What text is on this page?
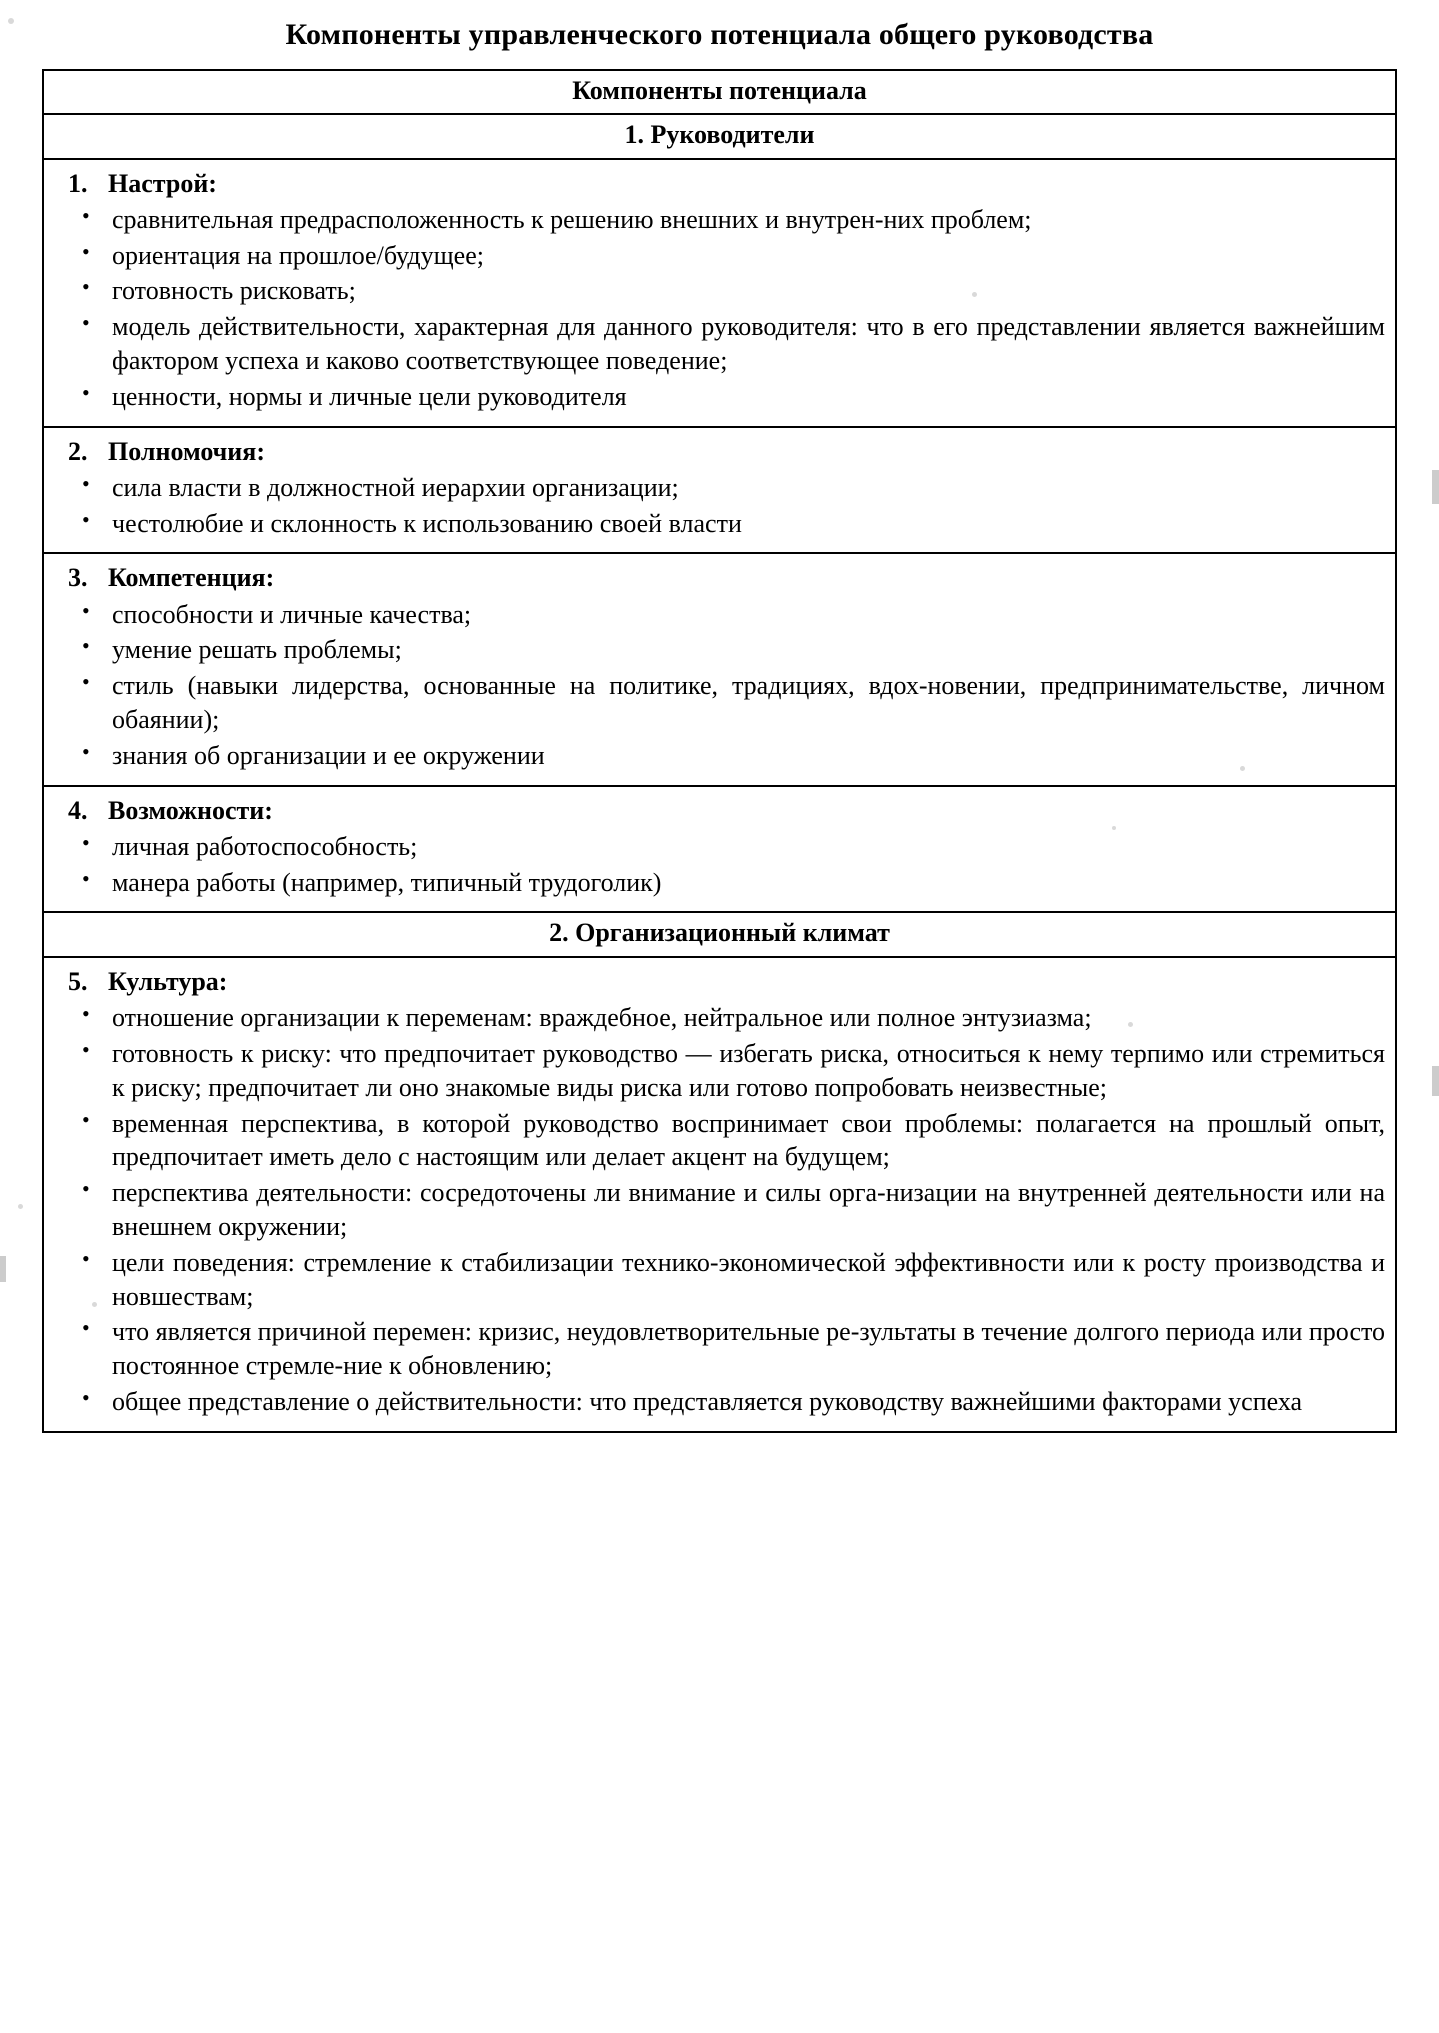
Компоненты управленческого потенциала общего руководства
Компоненты потенциала

1. Руководители

1. Настрой:
• сравнительная предрасположенность к решению внешних и внутрен-них проблем;
• ориентация на прошлое/будущее;
• готовность рисковать;
• модель действительности, характерная для данного руководителя: что в его представлении является важнейшим фактором успеха и каково соответствующее поведение;
• ценности, нормы и личные цели руководителя

2. Полномочия:
• сила власти в должностной иерархии организации;
• честолюбие и склонность к использованию своей власти

3. Компетенция:
• способности и личные качества;
• умение решать проблемы;
• стиль (навыки лидерства, основанные на политике, традициях, вдох-новении, предпринимательстве, личном обаянии);
• знания об организации и ее окружении

4. Возможности:
• личная работоспособность;
• манера работы (например, типичный трудоголик)

2. Организационный климат

5. Культура:
• отношение организации к переменам: враждебное, нейтральное или полное энтузиазма;
• готовность к риску: что предпочитает руководство — избегать риска, относиться к нему терпимо или стремиться к риску; предпочитает ли оно знакомые виды риска или готово попробовать неизвестные;
• временная перспектива, в которой руководство воспринимает свои проблемы: полагается на прошлый опыт, предпочитает иметь дело с настоящим или делает акцент на будущем;
• перспектива деятельности: сосредоточены ли внимание и силы орга-низации на внутренней деятельности или на внешнем окружении;
• цели поведения: стремление к стабилизации технико-экономической эффективности или к росту производства и новшествам;
• что является причиной перемен: кризис, неудовлетворительные ре-зультаты в течение долгого периода или просто постоянное стремле-ние к обновлению;
• общее представление о действительности: что представляется руководству важнейшими факторами успеха
